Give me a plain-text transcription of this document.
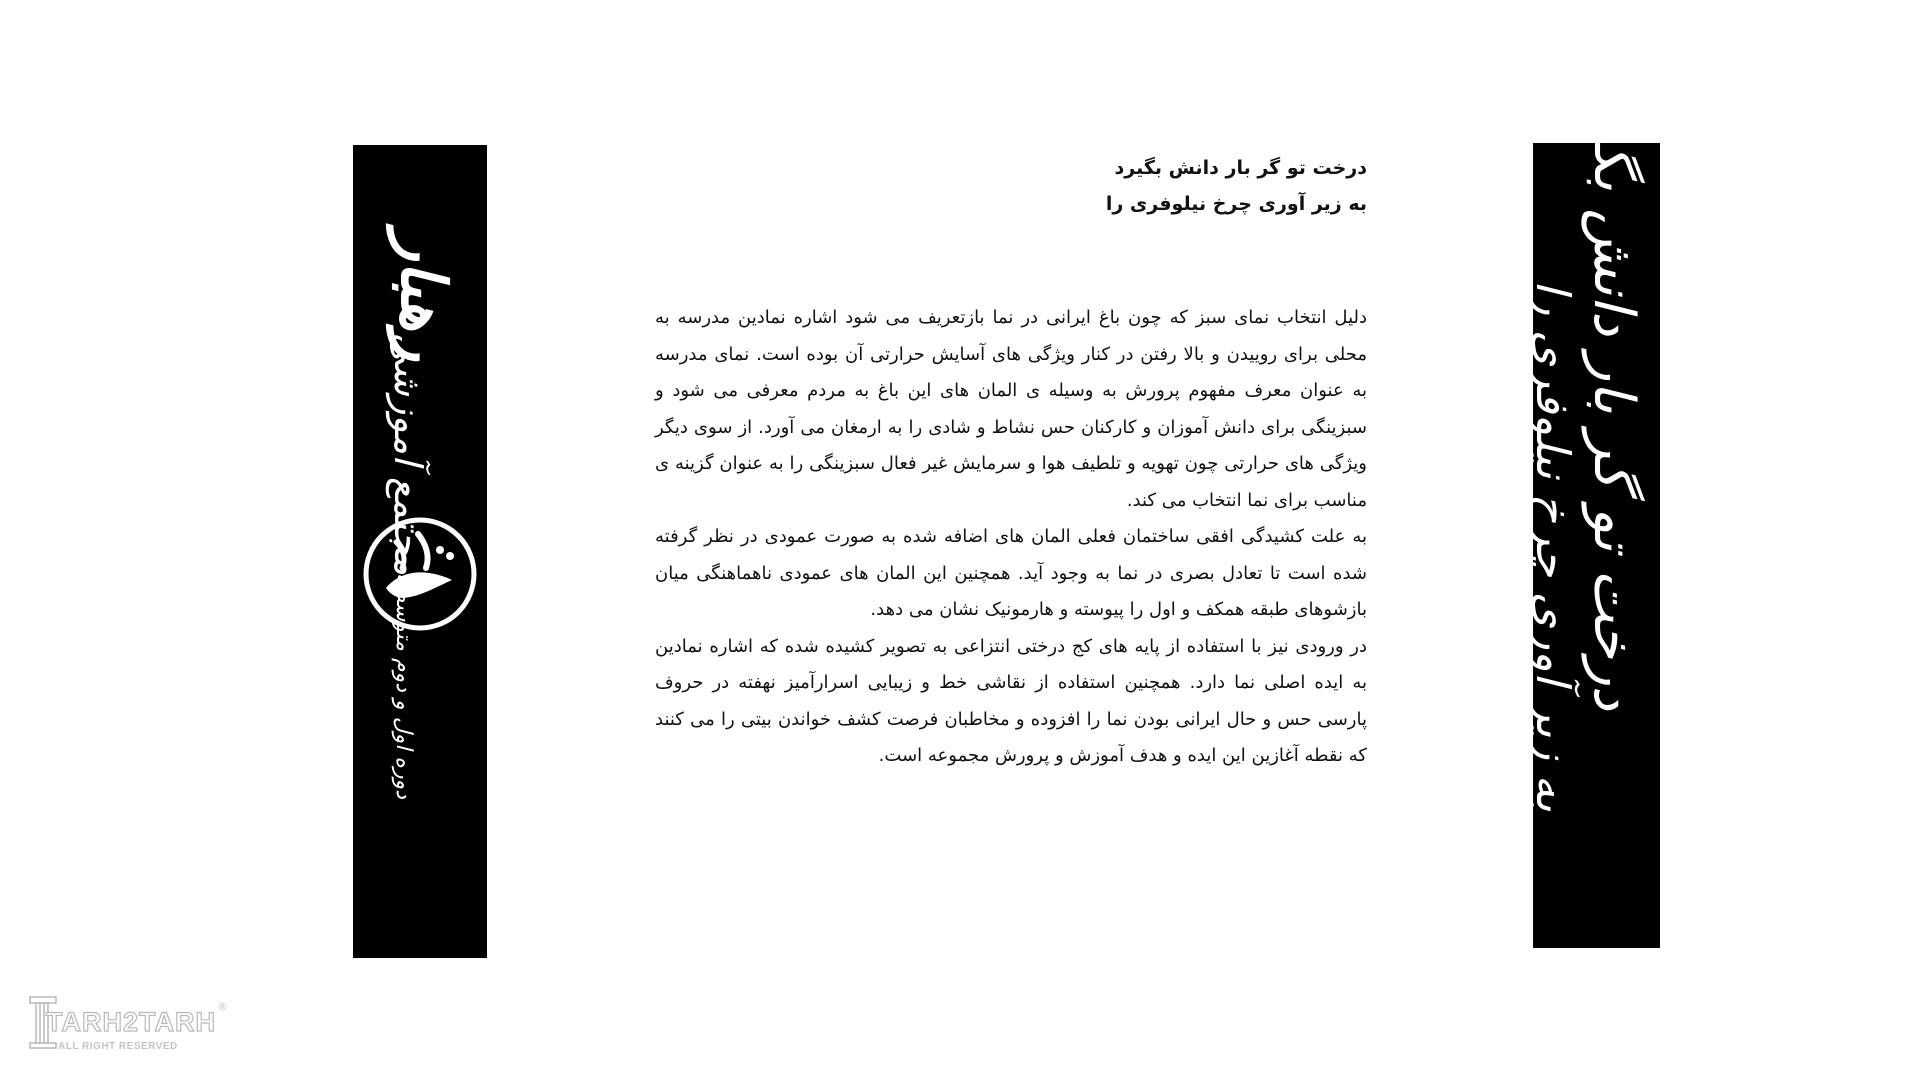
رهبار
مجتمع آموزشی
دوره اول و دوم متوسطه
درخت تو گر بار دانش بگیرد
به زیر آوری چرخ نیلوفری را

دلیل انتخاب نمای سبز که چون باغ ایرانی در نما بازتعریف می شود اشاره نمادین مدرسه به محلی برای روییدن و بالا رفتن در کنار ویژگی های آسایش حرارتی آن بوده است. نمای مدرسه به عنوان معرف مفهوم پرورش به وسیله ی المان های این باغ به مردم معرفی می شود و سبزینگی برای دانش آموزان و کارکنان حس نشاط و شادی را به ارمغان می آورد. از سوی دیگر ویژگی های حرارتی چون تهویه و تلطیف هوا و سرمایش غیر فعال سبزینگی را به عنوان گزینه ی مناسب برای نما انتخاب می کند.

به علت کشیدگی افقی ساختمان فعلی المان های اضافه شده به صورت عمودی در نظر گرفته شده است تا تعادل بصری در نما به وجود آید. همچنین این المان های عمودی ناهماهنگی میان بازشوهای طبقه همکف و اول را پیوسته و هارمونیک نشان می دهد.

در ورودی نیز با استفاده از پایه های کج درختی انتزاعی به تصویر کشیده شده که اشاره نمادین به ایده اصلی نما دارد. همچنین استفاده از نقاشی خط و زیبایی اسرارآمیز نهفته در حروف پارسی حس و حال ایرانی بودن نما را افزوده و مخاطبان فرصت کشف خواندن بیتی را می کنند که نقطه آغازین این ایده و هدف آموزش و پرورش مجموعه است.

درخت تو گر بار دانش بگیرد
به زیر آوری چرخ نیلوفری را
TARH2TARH ®
ALL RIGHT RESERVED
